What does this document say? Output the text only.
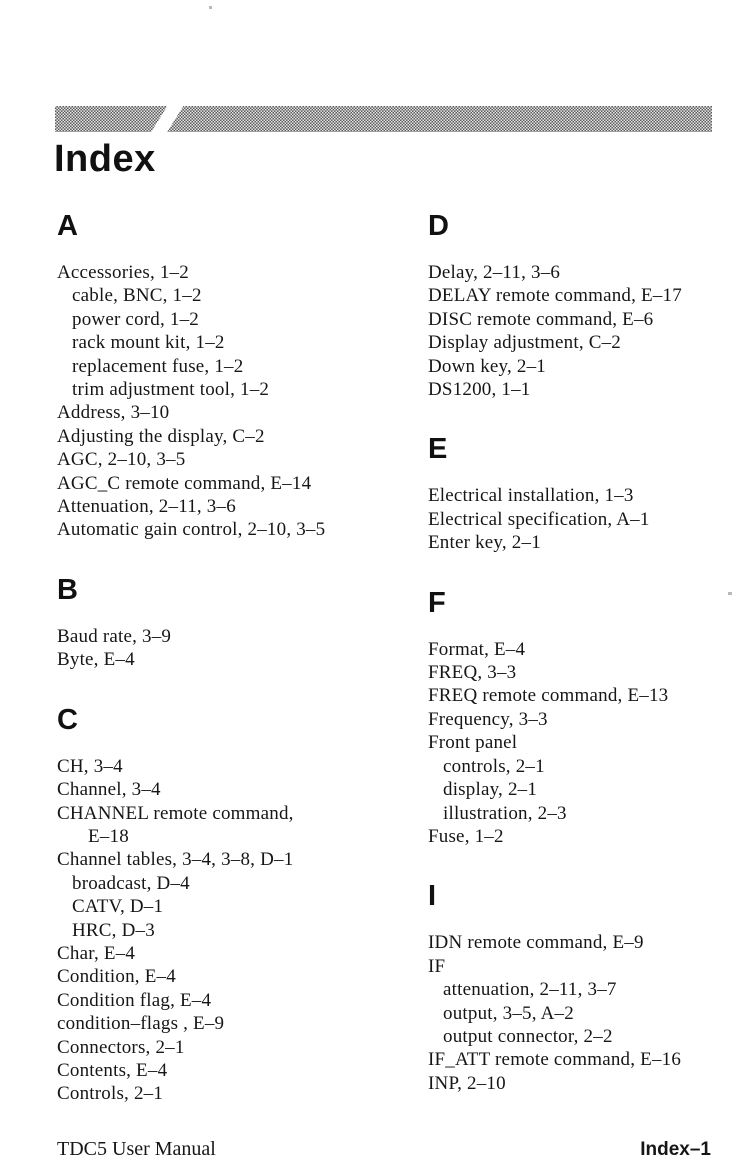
Index
A
Accessories, 1–2
cable, BNC, 1–2
power cord, 1–2
rack mount kit, 1–2
replacement fuse, 1–2
trim adjustment tool, 1–2
Address, 3–10
Adjusting the display, C–2
AGC, 2–10, 3–5
AGC_C remote command, E–14
Attenuation, 2–11, 3–6
Automatic gain control, 2–10, 3–5
B
Baud rate, 3–9
Byte, E–4
C
CH, 3–4
Channel, 3–4
CHANNEL remote command,
E–18
Channel tables, 3–4, 3–8, D–1
broadcast, D–4
CATV, D–1
HRC, D–3
Char, E–4
Condition, E–4
Condition flag, E–4
condition–flags , E–9
Connectors, 2–1
Contents, E–4
Controls, 2–1
D
Delay, 2–11, 3–6
DELAY remote command, E–17
DISC remote command, E–6
Display adjustment, C–2
Down key, 2–1
DS1200, 1–1
E
Electrical installation, 1–3
Electrical specification, A–1
Enter key, 2–1
F
Format, E–4
FREQ, 3–3
FREQ remote command, E–13
Frequency, 3–3
Front panel
controls, 2–1
display, 2–1
illustration, 2–3
Fuse, 1–2
I
IDN remote command, E–9
IF
attenuation, 2–11, 3–7
output, 3–5, A–2
output connector, 2–2
IF_ATT remote command, E–16
INP, 2–10
TDC5 User Manual	Index–1
